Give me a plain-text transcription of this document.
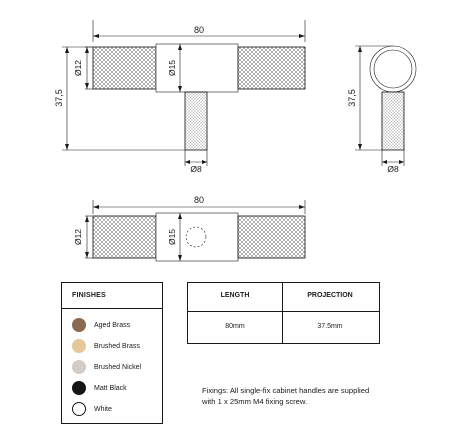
80
Ø12	Ø15
37,5
Ø8
37,5
Ø8
80
Ø12	Ø15
FINISHES
Aged Brass
Brushed Brass
Brushed Nickel
Matt Black
White
LENGTH	PROJECTION
80mm	37.5mm
Fixings: All single-fix cabinet handles are supplied with 1 x 25mm M4 fixing screw.
